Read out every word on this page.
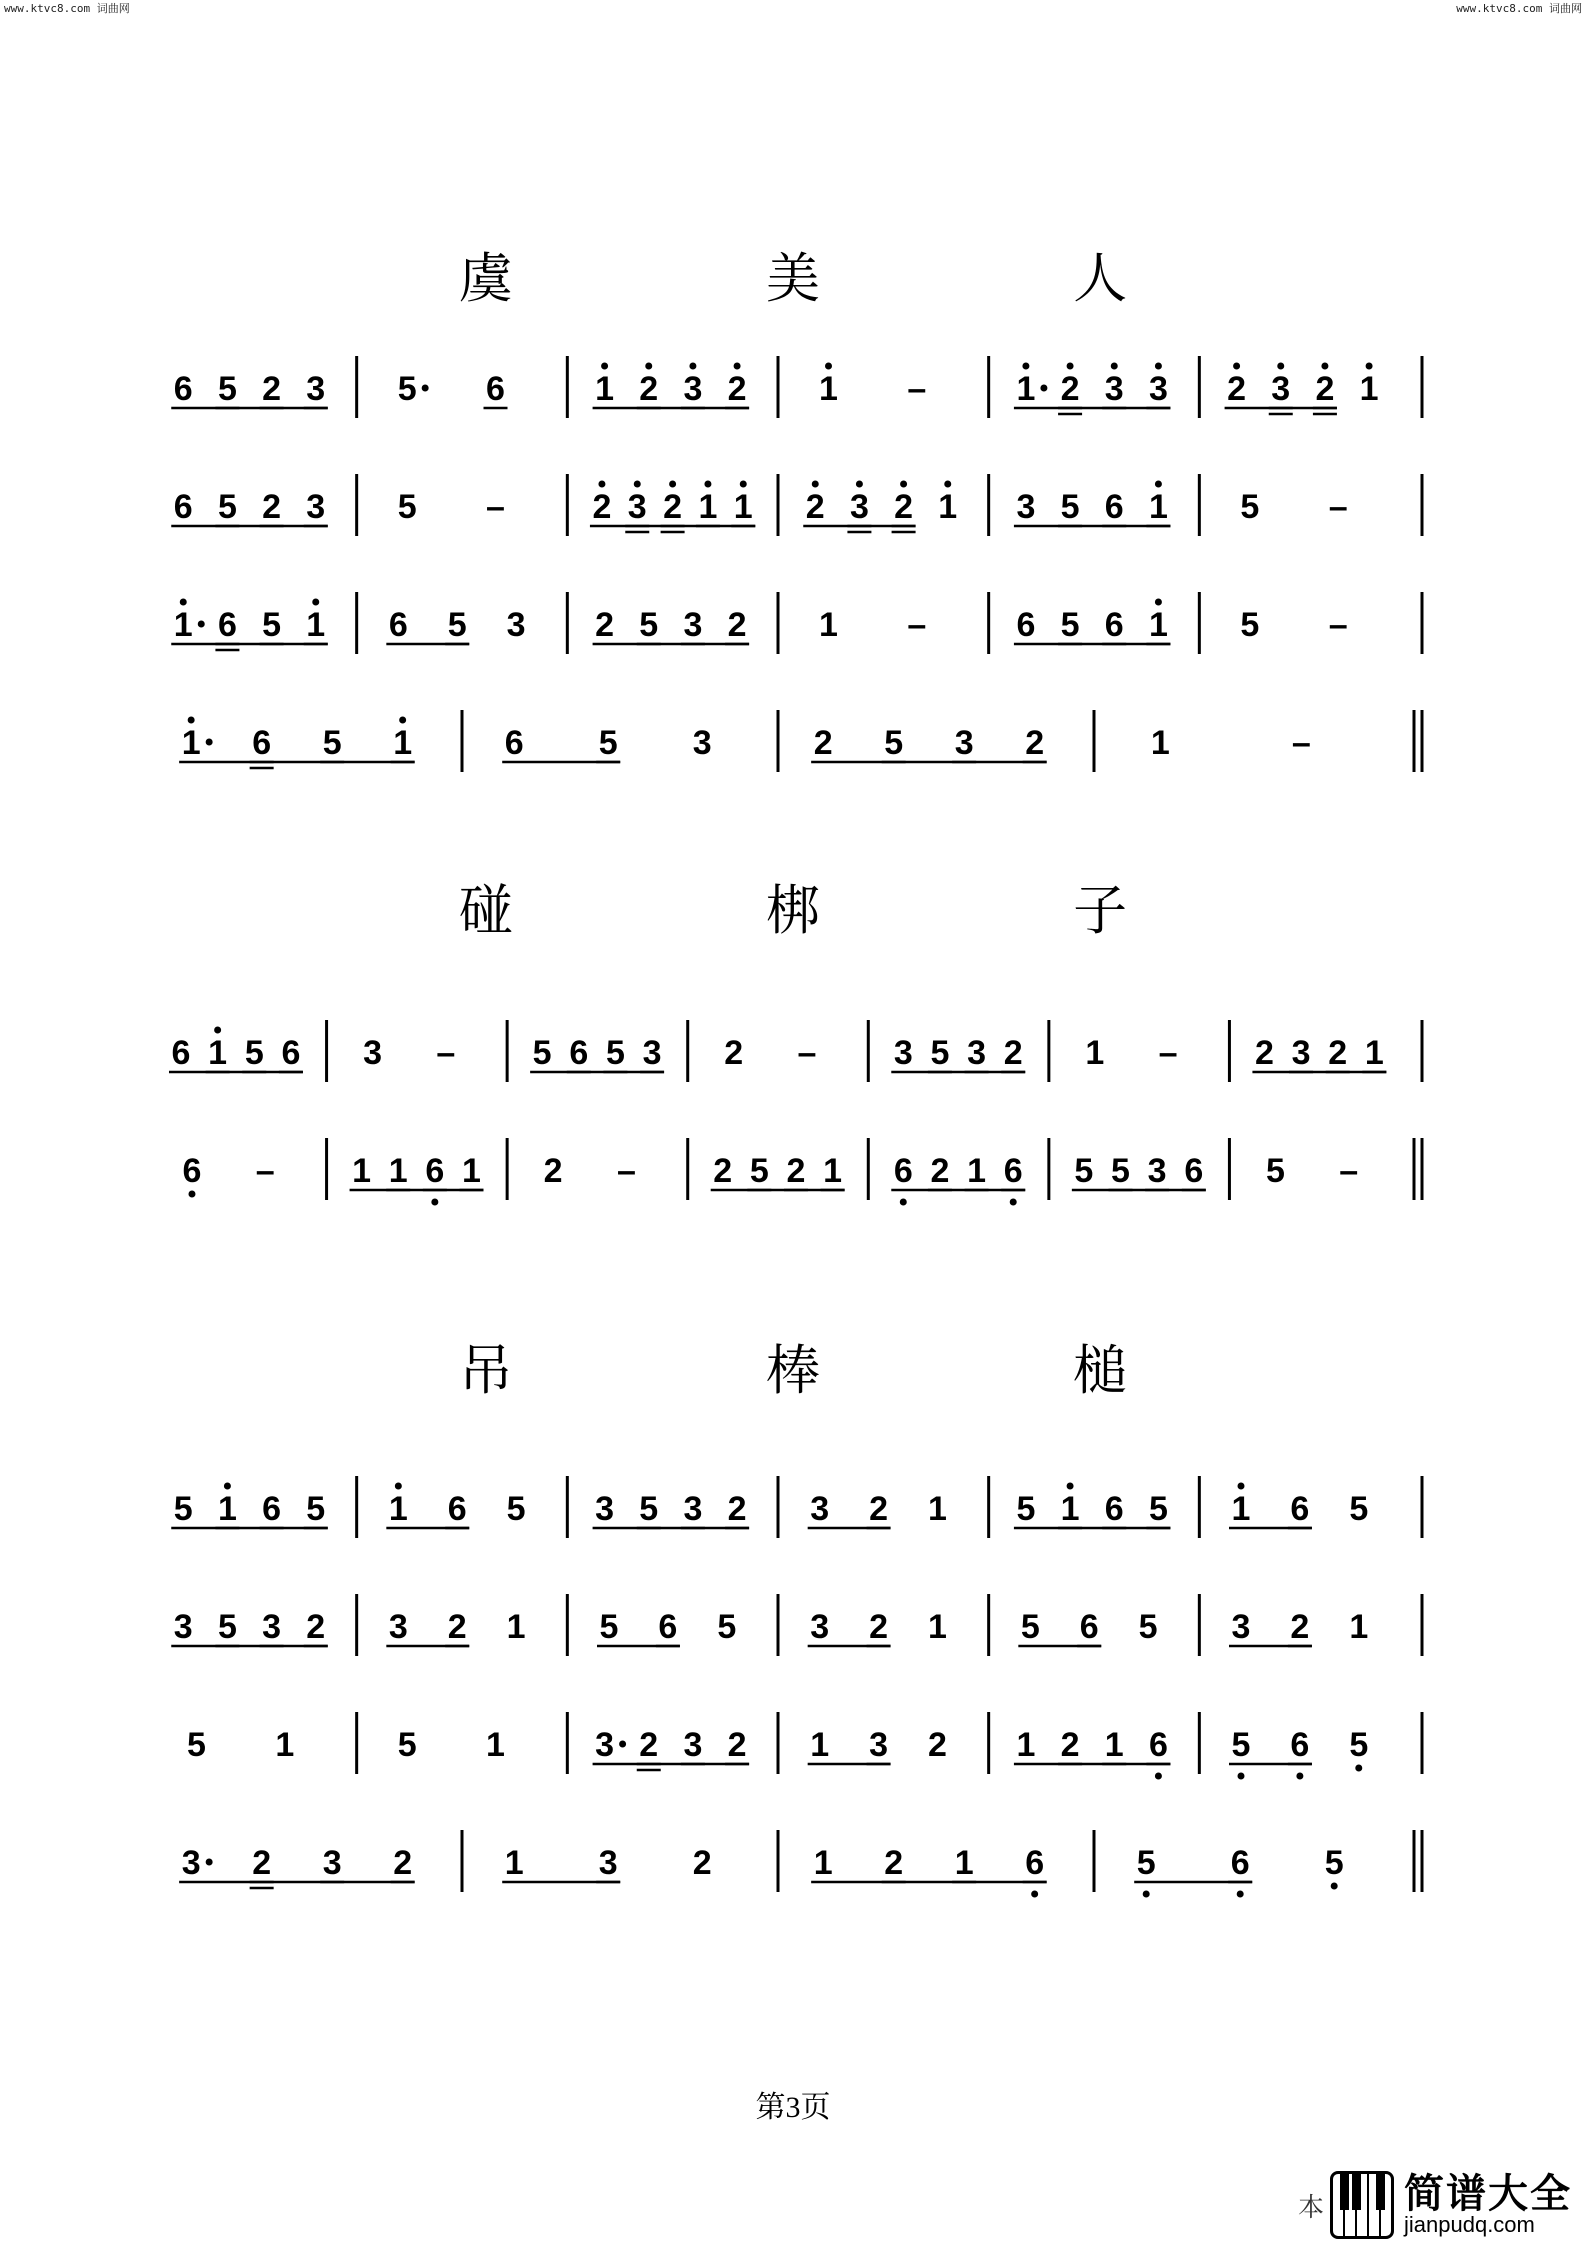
www.ktvc8.com 词曲网	www.ktvc8.com 词曲网
虞 美 人
碰 梆 子
吊 棒 槌
6 5 2 3 5 6	1 2 3 2 1 –	1 2 3 3 2 3 2 1
6 5 2 3 5 –	2 3 2 1 1 2 3 2 1 3 5 6 1 5 –
1 6 5 1 6 5 3 2 5 3 2 1 –	6 5 6 1 5 –
1 6 5 1	6 5 3	2 5 3 2	1	–
6 1 5 6 3 – 5 6 5 3 2 – 3 5 3 2 1 – 2 3 2 1
6 – 1 1 6 1 2 – 2 5 2 1 6 2 1 6 5 5 3 6 5 –
5 1 6 5 1 6 5 3 5 3 2 3 2 1 5 1 6 5 1 6 5
3 5 3 2 3 2 1 5 6 5 3 2 1 5 6 5 3 2 1
5 1	5 1	3 2 3 2 1 3 2 1 2 1 6 5 6 5
3 2 3 2	1 3 2	1 2 1 6	5 6 5
第3页
本 简谱大全
jianpudq.com
